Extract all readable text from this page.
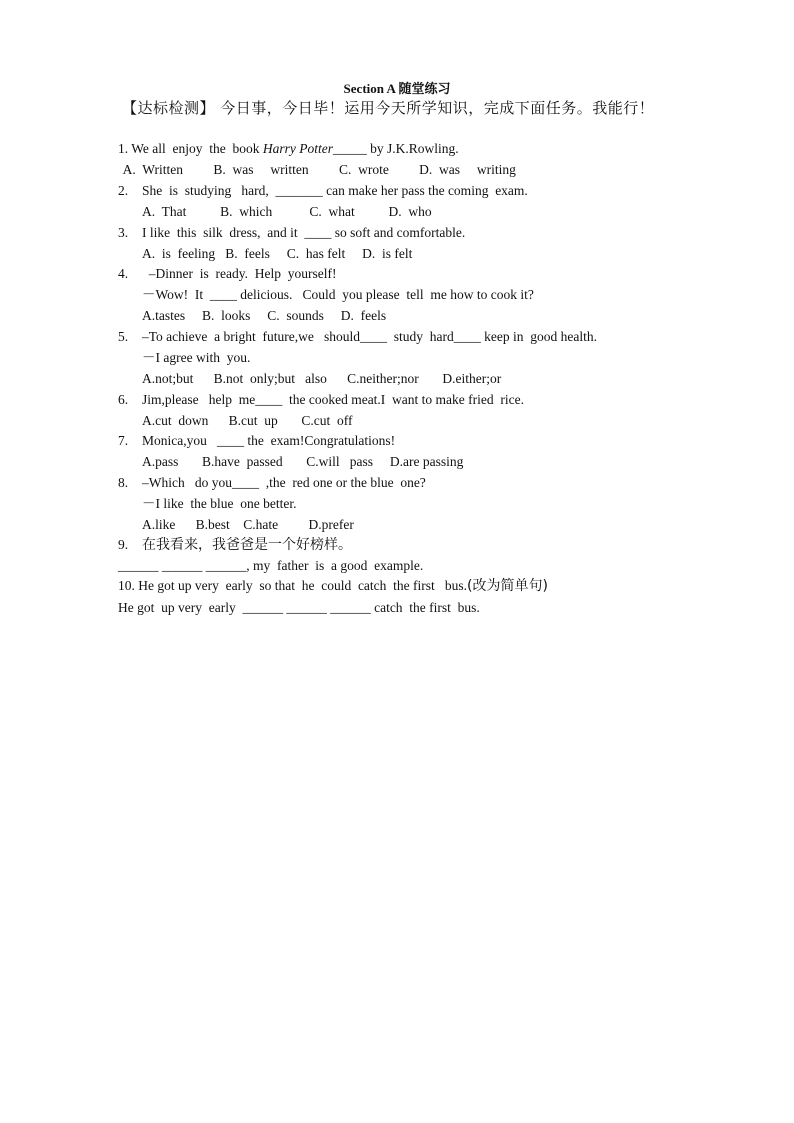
Section A 随堂练习
【达标检测】 今日事，今日毕！运用今天所学知识，完成下面任务。我能行！
1. We all  enjoy  the  book Harry Potter_____ by J.K.Rowling.
A.  Written         B.  was     written         C.  wrote         D.  was     writing
2. She  is  studying   hard,  _______ can make her pass the coming  exam.
A.  That          B.  which           C.  what          D.  who
3. I like  this  silk  dress,  and it  ____ so soft and comfortable.
A.  is  feeling   B.  feels     C.  has felt     D.  is felt
4. –Dinner  is  ready.  Help  yourself!
－Wow!  It  ____ delicious.   Could  you please  tell  me how to cook it?
A.tastes     B.  looks     C.  sounds     D.  feels
5. –To achieve  a bright  future,we   should____  study  hard____ keep in  good health.
－I agree with  you.
A.not;but      B.not  only;but   also      C.neither;nor       D.either;or
6. Jim,please   help  me____  the cooked meat.I  want to make fried  rice.
A.cut  down      B.cut  up       C.cut  off
7. Monica,you   ____ the  exam!Congratulations!
A.pass       B.have  passed       C.will   pass     D.are passing
8. –Which   do you____  ,the  red one or the blue  one?
－I like  the blue  one better.
A.like      B.best    C.hate         D.prefer
9. 在我看来，我爸爸是一个好榜样。
______ ______ ______, my  father  is  a good  example.
10. He got up very  early  so that  he  could  catch  the first   bus.(改为简单句)
He got  up very  early  ______ ______ ______ catch  the first  bus.
